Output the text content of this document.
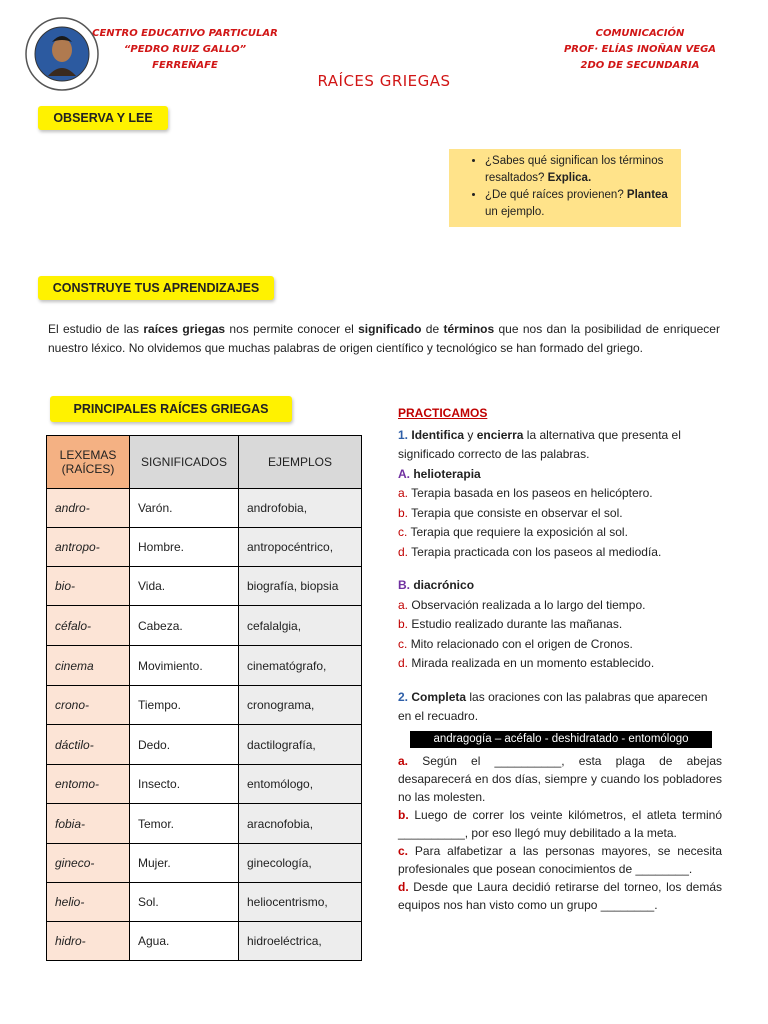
CENTRO EDUCATIVO PARTICULAR
“PEDRO RUIZ GALLO”
FERREÑAFE
COMUNICACIÓN
PROF· ELÍAS INOÑAN VEGA
2DO DE SECUNDARIA
RAÍCES GRIEGAS
OBSERVA Y LEE
CONSTRUYE TUS APRENDIZAJES
PRINCIPALES RAÍCES GRIEGAS
• ¿Sabes qué significan los términos resaltados? Explica.
• ¿De qué raíces provienen? Plantea un ejemplo.
El estudio de las raíces griegas nos permite conocer el significado de términos que nos dan la posibilidad de enriquecer nuestro léxico. No olvidemos que muchas palabras de origen científico y tecnológico se han formado del griego.
LEXEMAS (RAÍCES)	SIGNIFICADOS	EJEMPLOS
andro-	Varón.	androfobia,
antropo-	Hombre.	antropocéntrico,
bio-	Vida.	biografía, biopsia
céfalo-	Cabeza.	cefalalgia,
cinema	Movimiento.	cinematógrafo,
crono-	Tiempo.	cronograma,
dáctilo-	Dedo.	dactilografía,
entomo-	Insecto.	entomólogo,
fobia-	Temor.	aracnofobia,
gineco-	Mujer.	ginecología,
helio-	Sol.	heliocentrismo,
hidro-	Agua.	hidroeléctrica,

PRACTICAMOS

1. Identifica y encierra la alternativa que presenta el significado correcto de las palabras.

A. helioterapia

a. Terapia basada en los paseos en helicóptero.

b. Terapia que consiste en observar el sol.

c. Terapia que requiere la exposición al sol.

d. Terapia practicada con los paseos al mediodía.

B. diacrónico

a. Observación realizada a lo largo del tiempo.

b. Estudio realizado durante las mañanas.

c. Mito relacionado con el origen de Cronos.

d. Mirada realizada en un momento establecido.

2. Completa las oraciones con las palabras que aparecen en el recuadro.

andragogía – acéfalo - deshidratado - entomólogo

a. Según el __________, esta plaga de abejas desaparecerá en dos días, siempre y cuando los pobladores no las molesten.

b. Luego de correr los veinte kilómetros, el atleta terminó __________, por eso llegó muy debilitado a la meta.

c. Para alfabetizar a las personas mayores, se necesita profesionales que posean conocimientos de ________.

d. Desde que Laura decidió retirarse del torneo, los demás equipos nos han visto como un grupo ________.
